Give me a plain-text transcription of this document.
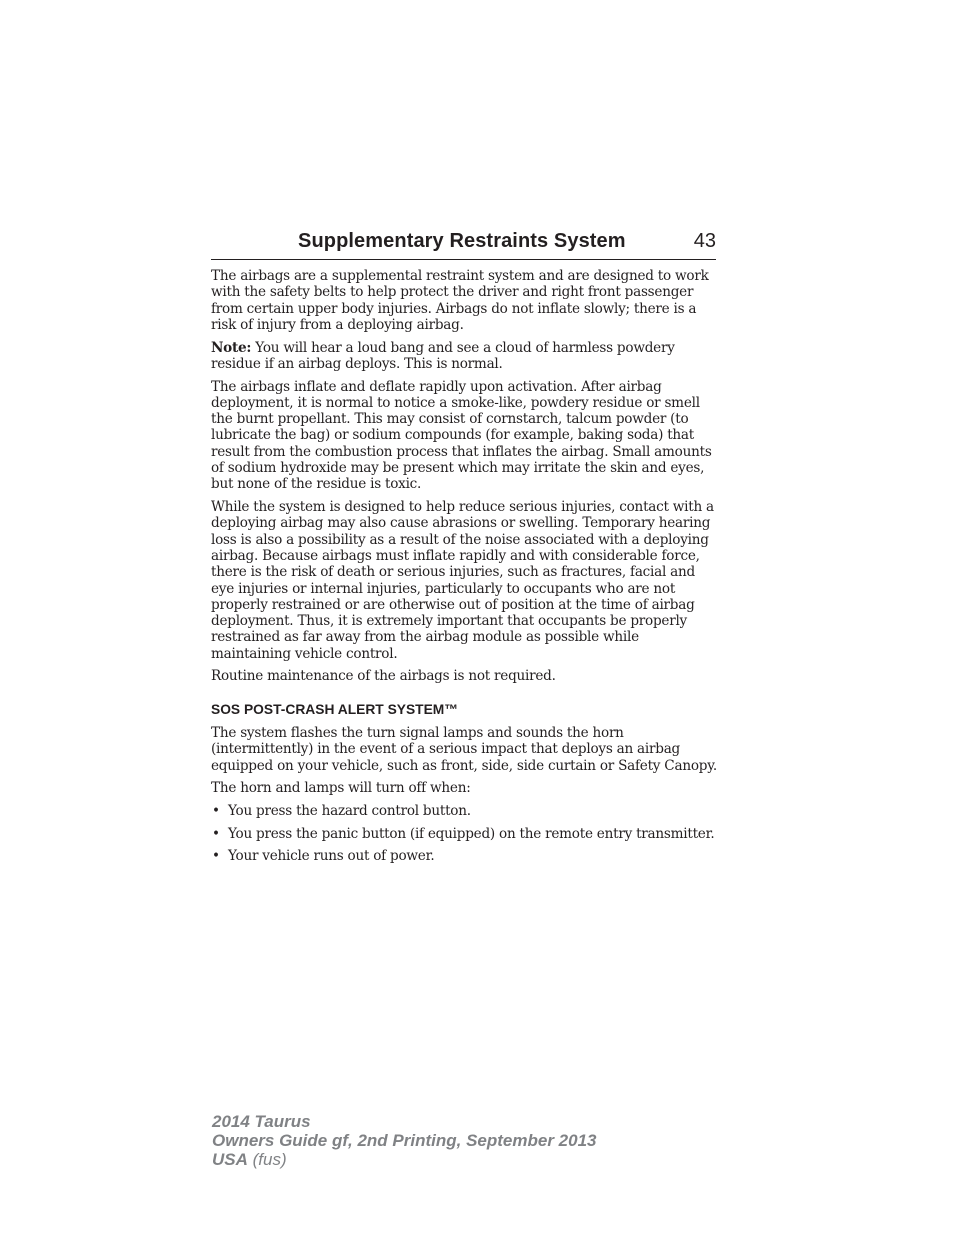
Supplementary Restraints System	43

The airbags are a supplemental restraint system and are designed to work with the safety belts to help protect the driver and right front passenger from certain upper body injuries. Airbags do not inflate slowly; there is a risk of injury from a deploying airbag.

Note: You will hear a loud bang and see a cloud of harmless powdery residue if an airbag deploys. This is normal.

The airbags inflate and deflate rapidly upon activation. After airbag deployment, it is normal to notice a smoke-like, powdery residue or smell the burnt propellant. This may consist of cornstarch, talcum powder (to lubricate the bag) or sodium compounds (for example, baking soda) that result from the combustion process that inflates the airbag. Small amounts of sodium hydroxide may be present which may irritate the skin and eyes, but none of the residue is toxic.

While the system is designed to help reduce serious injuries, contact with a deploying airbag may also cause abrasions or swelling. Temporary hearing loss is also a possibility as a result of the noise associated with a deploying airbag. Because airbags must inflate rapidly and with considerable force, there is the risk of death or serious injuries, such as fractures, facial and eye injuries or internal injuries, particularly to occupants who are not properly restrained or are otherwise out of position at the time of airbag deployment. Thus, it is extremely important that occupants be properly restrained as far away from the airbag module as possible while maintaining vehicle control.

Routine maintenance of the airbags is not required.

SOS POST-CRASH ALERT SYSTEM™

The system flashes the turn signal lamps and sounds the horn (intermittently) in the event of a serious impact that deploys an airbag equipped on your vehicle, such as front, side, side curtain or Safety Canopy.

The horn and lamps will turn off when:

• You press the hazard control button.
• You press the panic button (if equipped) on the remote entry transmitter.
• Your vehicle runs out of power.
2014 Taurus
Owners Guide gf, 2nd Printing, September 2013
USA (fus)
